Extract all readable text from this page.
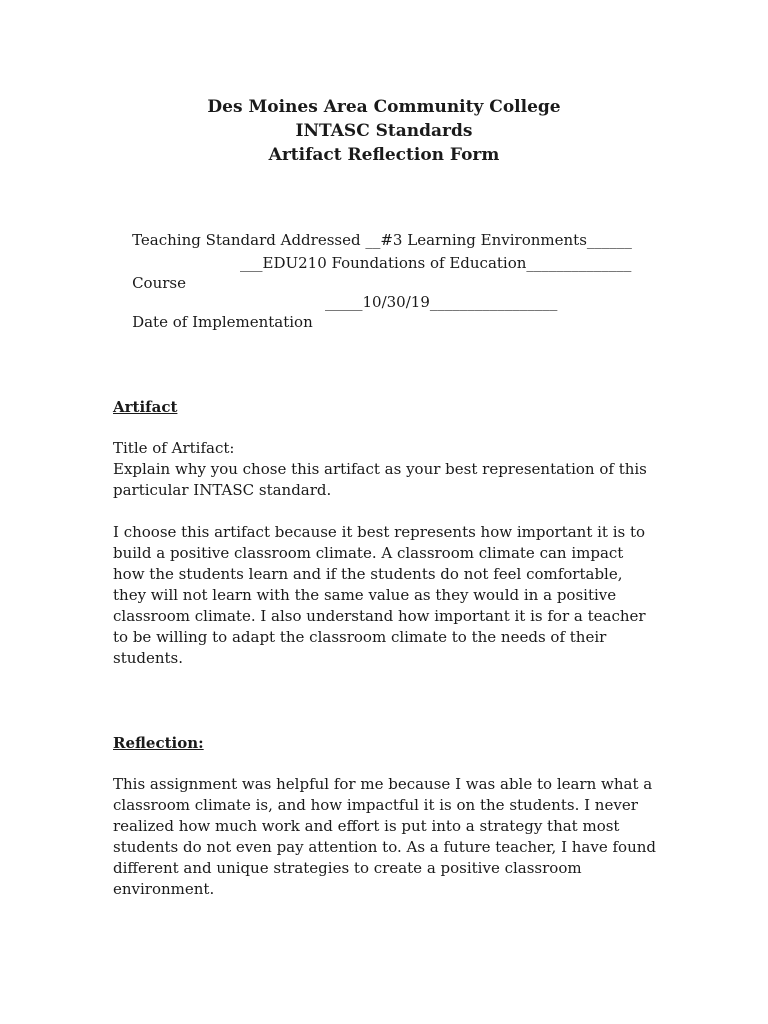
Des Moines Area Community College
INTASC Standards
Artifact Reflection Form

Teaching Standard Addressed __#3 Learning Environments______

Course

___EDU210 Foundations of Education______________

Date of Implementation

_____10/30/19_________________

Artifact

Title of Artifact:

Explain why you chose this artifact as your best representation of this particular INTASC standard.

I choose this artifact because it best represents how important it is to build a positive classroom climate. A classroom climate can impact how the students learn and if the students do not feel comfortable, they will not learn with the same value as they would in a positive classroom climate. I also understand how important it is for a teacher to be willing to adapt the classroom climate to the needs of their students.

Reflection:

This assignment was helpful for me because I was able to learn what a classroom climate is, and how impactful it is on the students. I never realized how much work and effort is put into a strategy that most students do not even pay attention to. As a future teacher, I have found different and unique strategies to create a positive classroom environment.
